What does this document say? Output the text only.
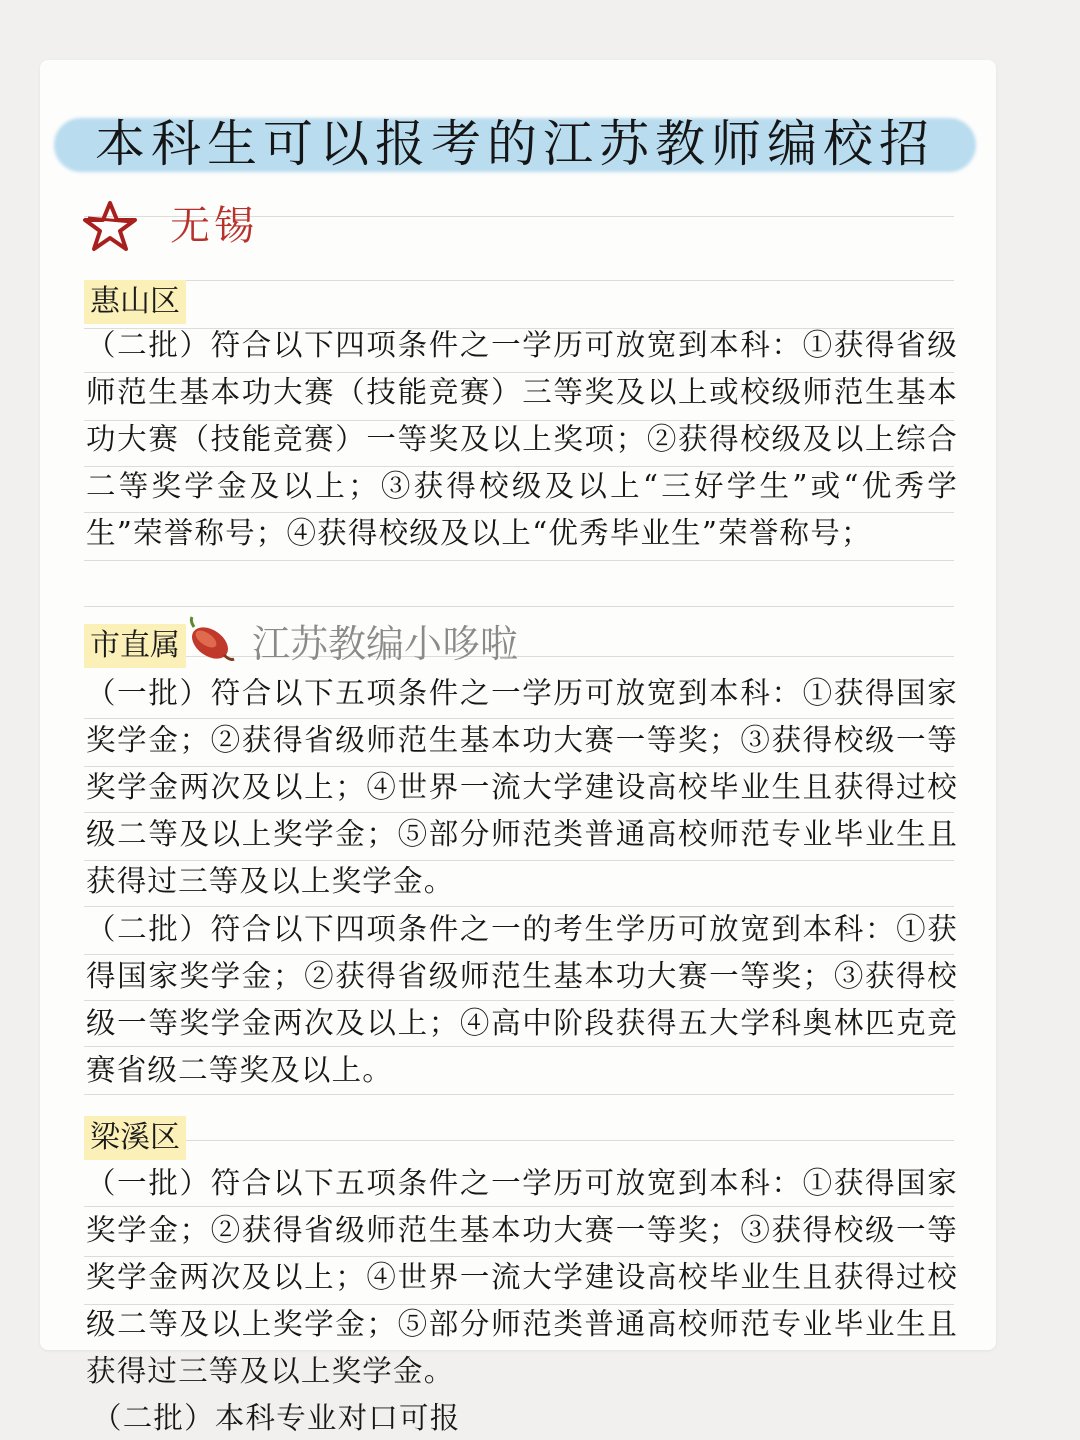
本科生可以报考的江苏教师编校招
无锡
惠山区

（二批）符合以下四项条件之一学历可放宽到本科：①获得省级师范生基本功大赛（技能竞赛）三等奖及以上或校级师范生基本功大赛（技能竞赛）一等奖及以上奖项；②获得校级及以上综合二等奖学金及以上；③获得校级及以上“三好学生”或“优秀学生”荣誉称号；④获得校级及以上“优秀毕业生”荣誉称号；

市直属 江苏教编小哆啦

（一批）符合以下五项条件之一学历可放宽到本科：①获得国家奖学金；②获得省级师范生基本功大赛一等奖；③获得校级一等奖学金两次及以上；④世界一流大学建设高校毕业生且获得过校级二等及以上奖学金；⑤部分师范类普通高校师范专业毕业生且获得过三等及以上奖学金。

（二批）符合以下四项条件之一的考生学历可放宽到本科：①获得国家奖学金；②获得省级师范生基本功大赛一等奖；③获得校级一等奖学金两次及以上；④高中阶段获得五大学科奥林匹克竞赛省级二等奖及以上。

梁溪区

（一批）符合以下五项条件之一学历可放宽到本科：①获得国家奖学金；②获得省级师范生基本功大赛一等奖；③获得校级一等奖学金两次及以上；④世界一流大学建设高校毕业生且获得过校级二等及以上奖学金；⑤部分师范类普通高校师范专业毕业生且获得过三等及以上奖学金。

（二批）本科专业对口可报
